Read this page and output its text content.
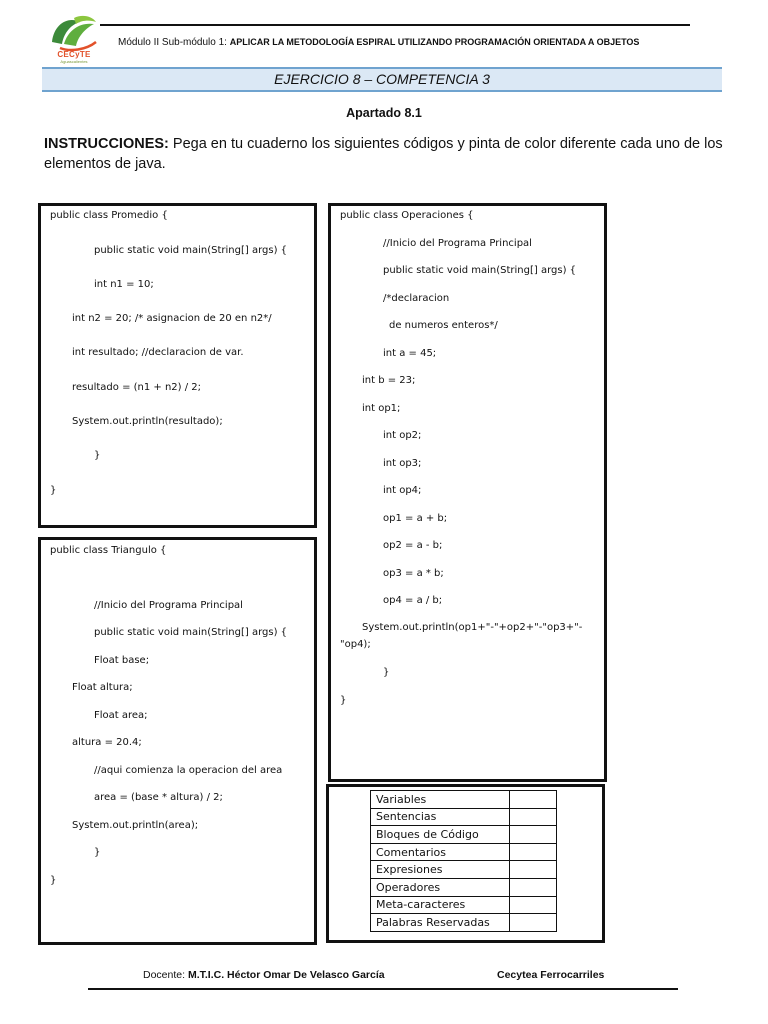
CECyTE
Aguascalientes
Módulo II Sub-módulo 1: APLICAR LA METODOLOGÍA ESPIRAL UTILIZANDO PROGRAMACIÓN ORIENTADA A OBJETOS
EJERCICIO 8 – COMPETENCIA 3
Apartado 8.1
INSTRUCCIONES: Pega en tu cuaderno los siguientes códigos y pinta de color diferente cada uno de los elementos de java.
public class Promedio {
public static void main(String[] args) {
int n1 = 10;
int n2 = 20; /* asignacion de 20 en n2*/
int resultado; //declaracion de var.
resultado = (n1 + n2) / 2;
System.out.println(resultado);
}
}
public class Triangulo {
//Inicio del Programa Principal
public static void main(String[] args) {
Float base;
Float altura;
Float area;
altura = 20.4;
//aqui comienza la operacion del area
area = (base * altura) / 2;
System.out.println(area);
}
}
public class Operaciones {
//Inicio del Programa Principal
public static void main(String[] args) {
/*declaracion
de numeros enteros*/
int a = 45;
int b = 23;
int op1;
int op2;
int op3;
int op4;
op1 = a + b;
op2 = a - b;
op3 = a * b;
op4 = a / b;
System.out.println(op1+"-"+op2+"-"op3+"-
"op4);
}
}
Variables	
Sentencias	
Bloques de Código	
Comentarios	
Expresiones	
Operadores	
Meta-caracteres	
Palabras Reservadas	
Docente: M.T.I.C. Héctor Omar De Velasco García	Cecytea Ferrocarriles
